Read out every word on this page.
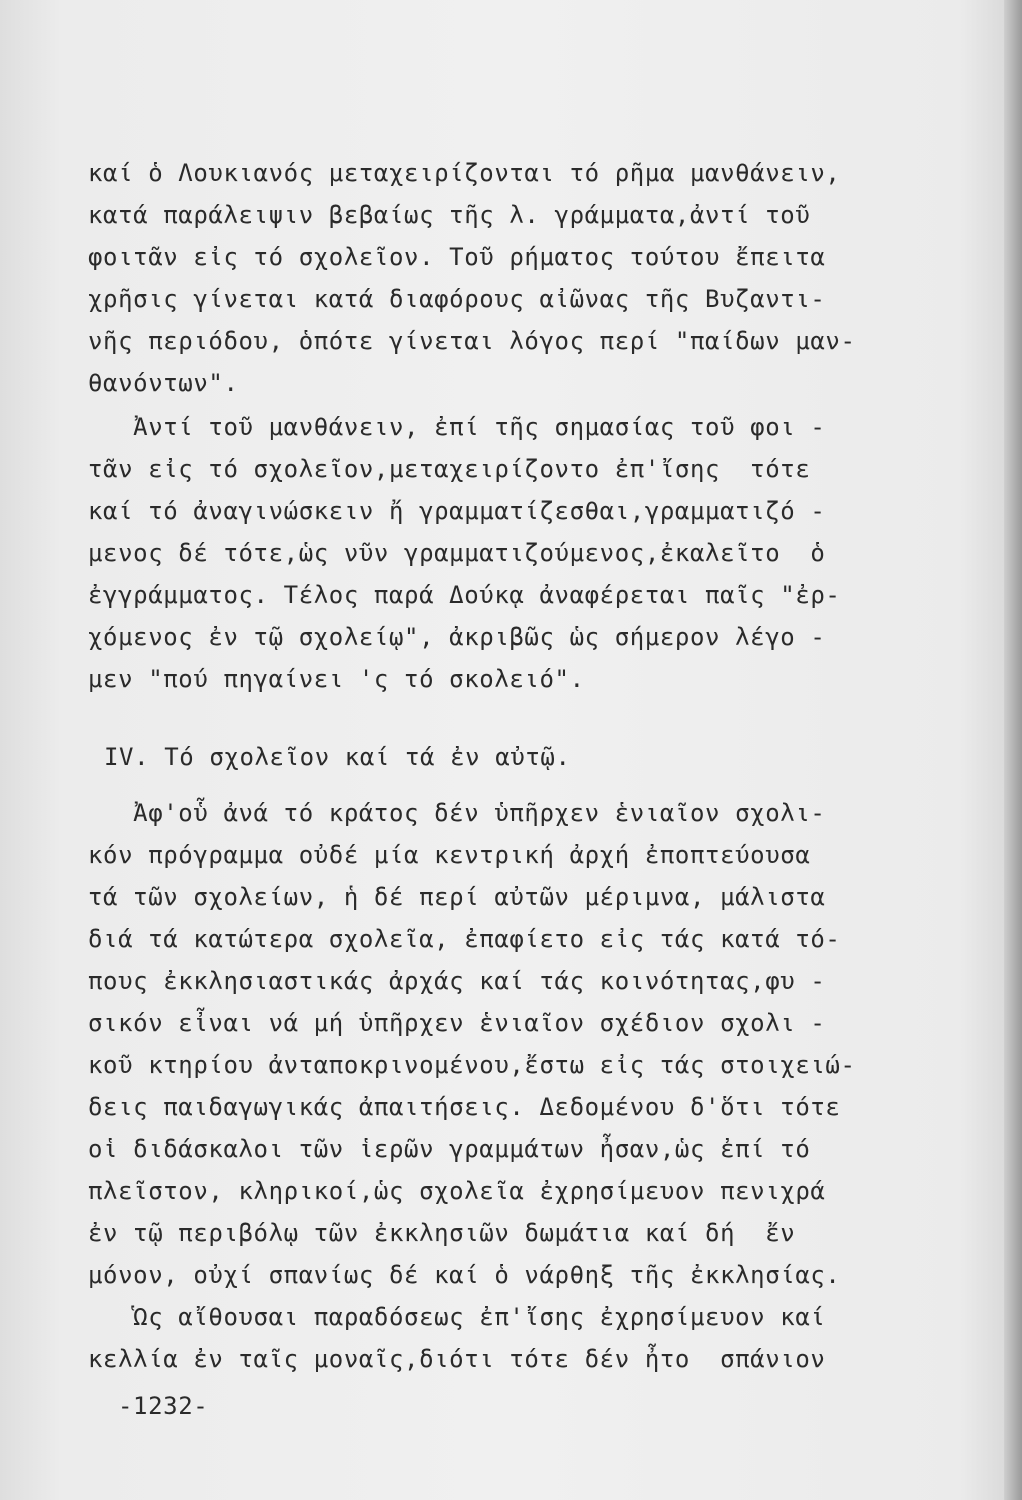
καί ὁ Λουκιανός μεταχειρίζονται τό ρῆμα μανθάνειν,
κατά παράλειψιν βεβαίως τῆς λ. γράμματα,ἀντί τοῦ
φοιτᾶν εἰς τό σχολεῖον. Τοῦ ρήματος τούτου ἔπειτα
χρῆσις γίνεται κατά διαφόρους αἰῶνας τῆς Βυζαντι-
νῆς περιόδου, ὁπότε γίνεται λόγος περί "παίδων μαν-
θανόντων".
Ἀντί τοῦ μανθάνειν, ἐπί τῆς σημασίας τοῦ φοι -
τᾶν εἰς τό σχολεῖον,μεταχειρίζοντο ἐπ'ἴσης  τότε
καί τό ἀναγινώσκειν ἤ γραμματίζεσθαι,γραμματιζό -
μενος δέ τότε,ὡς νῦν γραμματιζούμενος,ἐκαλεῖτο  ὁ
ἐγγράμματος. Τέλος παρά Δούκᾳ ἀναφέρεται παῖς "ἐρ-
χόμενος ἐν τῷ σχολείῳ", ἀκριβῶς ὡς σήμερον λέγο -
μεν "πού πηγαίνει 'ς τό σκολειό".
IV. Τό σχολεῖον καί τά ἐν αὐτῷ.
Ἀφ'οὗ ἀνά τό κράτος δέν ὑπῆρχεν ἑνιαῖον σχολι-
κόν πρόγραμμα οὐδέ μία κεντρική ἀρχή ἐποπτεύουσα
τά τῶν σχολείων, ἡ δέ περί αὐτῶν μέριμνα, μάλιστα
διά τά κατώτερα σχολεῖα, ἐπαφίετο εἰς τάς κατά τό-
πους ἐκκλησιαστικάς ἀρχάς καί τάς κοινότητας,φυ -
σικόν εἶναι νά μή ὑπῆρχεν ἑνιαῖον σχέδιον σχολι -
κοῦ κτηρίου ἀνταποκρινομένου,ἔστω εἰς τάς στοιχειώ-
δεις παιδαγωγικάς ἀπαιτήσεις. Δεδομένου δ'ὅτι τότε
οἱ διδάσκαλοι τῶν ἱερῶν γραμμάτων ἦσαν,ὡς ἐπί τό
πλεῖστον, κληρικοί,ὡς σχολεῖα ἐχρησίμευον πενιχρά
ἐν τῷ περιβόλῳ τῶν ἐκκλησιῶν δωμάτια καί δή  ἔν
μόνον, οὐχί σπανίως δέ καί ὁ νάρθηξ τῆς ἐκκλησίας.
Ὡς αἴθουσαι παραδόσεως ἐπ'ἴσης ἐχρησίμευον καί
κελλία ἐν ταῖς μοναῖς,διότι τότε δέν ἦτο  σπάνιον
-1232-
